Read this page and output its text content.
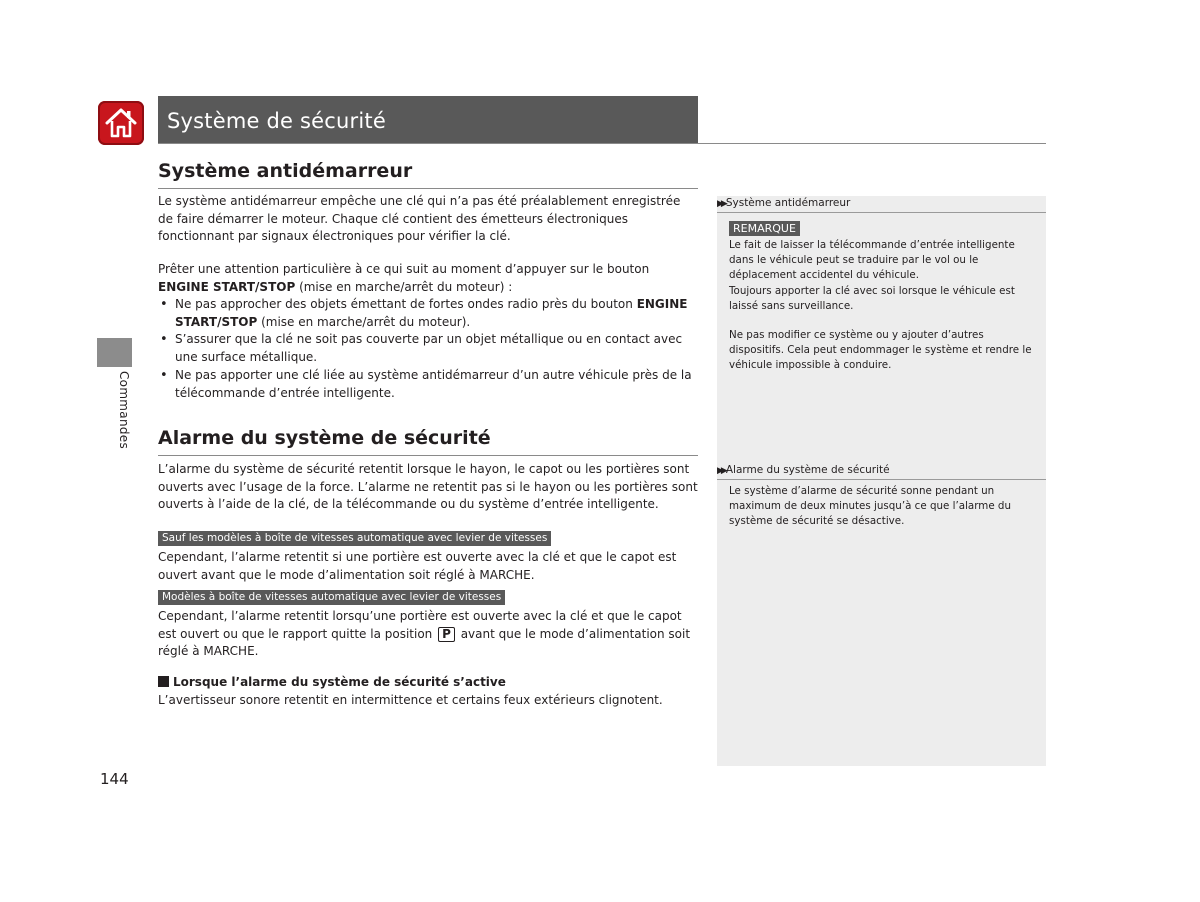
Système de sécurité
Commandes
Système antidémarreur
Le système antidémarreur empêche une clé qui n’a pas été préalablement enregistrée de faire démarrer le moteur. Chaque clé contient des émetteurs électroniques fonctionnant par signaux électroniques pour vérifier la clé.
Prêter une attention particulière à ce qui suit au moment d’appuyer sur le bouton ENGINE START/STOP (mise en marche/arrêt du moteur) :
• Ne pas approcher des objets émettant de fortes ondes radio près du bouton ENGINE START/STOP (mise en marche/arrêt du moteur).
• S’assurer que la clé ne soit pas couverte par un objet métallique ou en contact avec une surface métallique.
• Ne pas apporter une clé liée au système antidémarreur d’un autre véhicule près de la télécommande d’entrée intelligente.
Alarme du système de sécurité
L’alarme du système de sécurité retentit lorsque le hayon, le capot ou les portières sont ouverts avec l’usage de la force. L’alarme ne retentit pas si le hayon ou les portières sont ouverts à l’aide de la clé, de la télécommande ou du système d’entrée intelligente.
Sauf les modèles à boîte de vitesses automatique avec levier de vitesses
Cependant, l’alarme retentit si une portière est ouverte avec la clé et que le capot est ouvert avant que le mode d’alimentation soit réglé à MARCHE.
Modèles à boîte de vitesses automatique avec levier de vitesses
Cependant, l’alarme retentit lorsqu’une portière est ouverte avec la clé et que le capot est ouvert ou que le rapport quitte la position P avant que le mode d’alimentation soit réglé à MARCHE.
Lorsque l’alarme du système de sécurité s’active
L’avertisseur sonore retentit en intermittence et certains feux extérieurs clignotent.
▶▶Système antidémarreur
REMARQUE
Le fait de laisser la télécommande d’entrée intelligente dans le véhicule peut se traduire par le vol ou le déplacement accidentel du véhicule.
Toujours apporter la clé avec soi lorsque le véhicule est laissé sans surveillance.
Ne pas modifier ce système ou y ajouter d’autres dispositifs. Cela peut endommager le système et rendre le véhicule impossible à conduire.
▶▶Alarme du système de sécurité
Le système d’alarme de sécurité sonne pendant un maximum de deux minutes jusqu’à ce que l’alarme du système de sécurité se désactive.
144
